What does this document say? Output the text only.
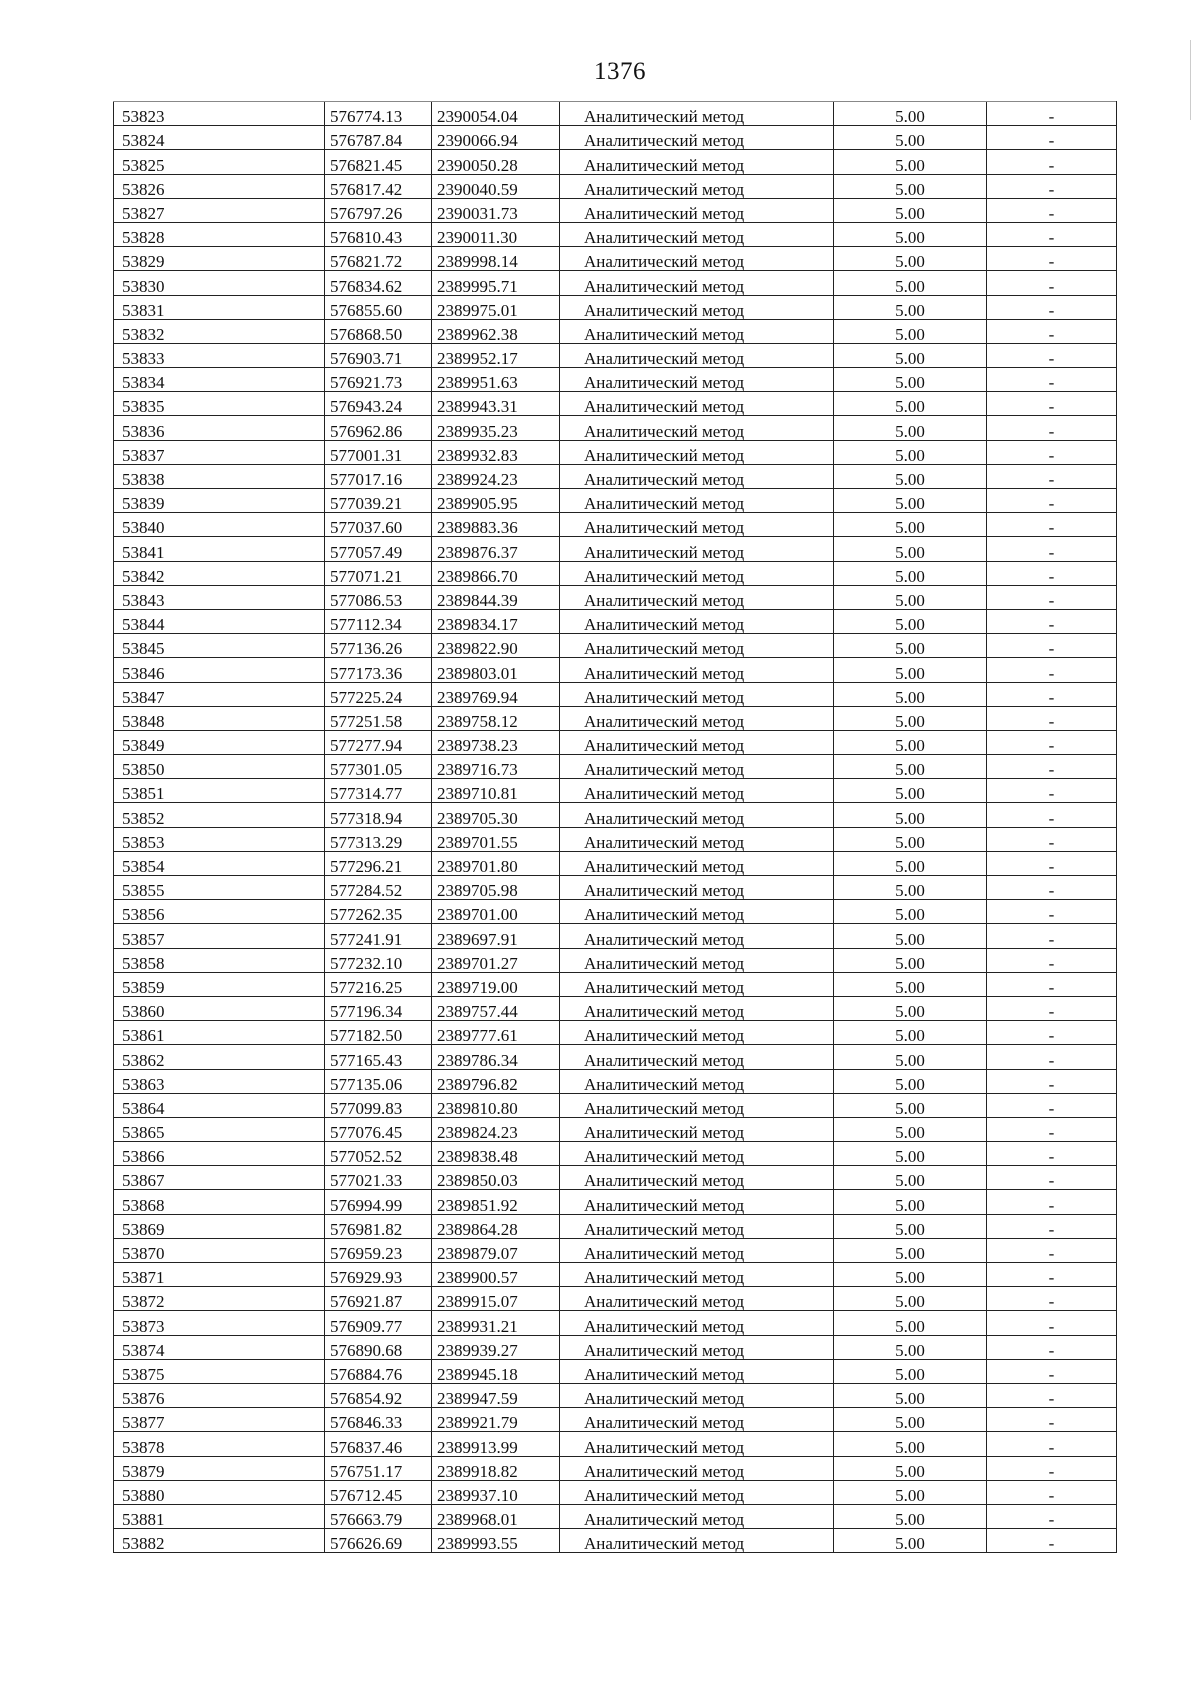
1376
53823	576774.13	2390054.04	Аналитический метод	5.00	-
53824	576787.84	2390066.94	Аналитический метод	5.00	-
53825	576821.45	2390050.28	Аналитический метод	5.00	-
53826	576817.42	2390040.59	Аналитический метод	5.00	-
53827	576797.26	2390031.73	Аналитический метод	5.00	-
53828	576810.43	2390011.30	Аналитический метод	5.00	-
53829	576821.72	2389998.14	Аналитический метод	5.00	-
53830	576834.62	2389995.71	Аналитический метод	5.00	-
53831	576855.60	2389975.01	Аналитический метод	5.00	-
53832	576868.50	2389962.38	Аналитический метод	5.00	-
53833	576903.71	2389952.17	Аналитический метод	5.00	-
53834	576921.73	2389951.63	Аналитический метод	5.00	-
53835	576943.24	2389943.31	Аналитический метод	5.00	-
53836	576962.86	2389935.23	Аналитический метод	5.00	-
53837	577001.31	2389932.83	Аналитический метод	5.00	-
53838	577017.16	2389924.23	Аналитический метод	5.00	-
53839	577039.21	2389905.95	Аналитический метод	5.00	-
53840	577037.60	2389883.36	Аналитический метод	5.00	-
53841	577057.49	2389876.37	Аналитический метод	5.00	-
53842	577071.21	2389866.70	Аналитический метод	5.00	-
53843	577086.53	2389844.39	Аналитический метод	5.00	-
53844	577112.34	2389834.17	Аналитический метод	5.00	-
53845	577136.26	2389822.90	Аналитический метод	5.00	-
53846	577173.36	2389803.01	Аналитический метод	5.00	-
53847	577225.24	2389769.94	Аналитический метод	5.00	-
53848	577251.58	2389758.12	Аналитический метод	5.00	-
53849	577277.94	2389738.23	Аналитический метод	5.00	-
53850	577301.05	2389716.73	Аналитический метод	5.00	-
53851	577314.77	2389710.81	Аналитический метод	5.00	-
53852	577318.94	2389705.30	Аналитический метод	5.00	-
53853	577313.29	2389701.55	Аналитический метод	5.00	-
53854	577296.21	2389701.80	Аналитический метод	5.00	-
53855	577284.52	2389705.98	Аналитический метод	5.00	-
53856	577262.35	2389701.00	Аналитический метод	5.00	-
53857	577241.91	2389697.91	Аналитический метод	5.00	-
53858	577232.10	2389701.27	Аналитический метод	5.00	-
53859	577216.25	2389719.00	Аналитический метод	5.00	-
53860	577196.34	2389757.44	Аналитический метод	5.00	-
53861	577182.50	2389777.61	Аналитический метод	5.00	-
53862	577165.43	2389786.34	Аналитический метод	5.00	-
53863	577135.06	2389796.82	Аналитический метод	5.00	-
53864	577099.83	2389810.80	Аналитический метод	5.00	-
53865	577076.45	2389824.23	Аналитический метод	5.00	-
53866	577052.52	2389838.48	Аналитический метод	5.00	-
53867	577021.33	2389850.03	Аналитический метод	5.00	-
53868	576994.99	2389851.92	Аналитический метод	5.00	-
53869	576981.82	2389864.28	Аналитический метод	5.00	-
53870	576959.23	2389879.07	Аналитический метод	5.00	-
53871	576929.93	2389900.57	Аналитический метод	5.00	-
53872	576921.87	2389915.07	Аналитический метод	5.00	-
53873	576909.77	2389931.21	Аналитический метод	5.00	-
53874	576890.68	2389939.27	Аналитический метод	5.00	-
53875	576884.76	2389945.18	Аналитический метод	5.00	-
53876	576854.92	2389947.59	Аналитический метод	5.00	-
53877	576846.33	2389921.79	Аналитический метод	5.00	-
53878	576837.46	2389913.99	Аналитический метод	5.00	-
53879	576751.17	2389918.82	Аналитический метод	5.00	-
53880	576712.45	2389937.10	Аналитический метод	5.00	-
53881	576663.79	2389968.01	Аналитический метод	5.00	-
53882	576626.69	2389993.55	Аналитический метод	5.00	-
